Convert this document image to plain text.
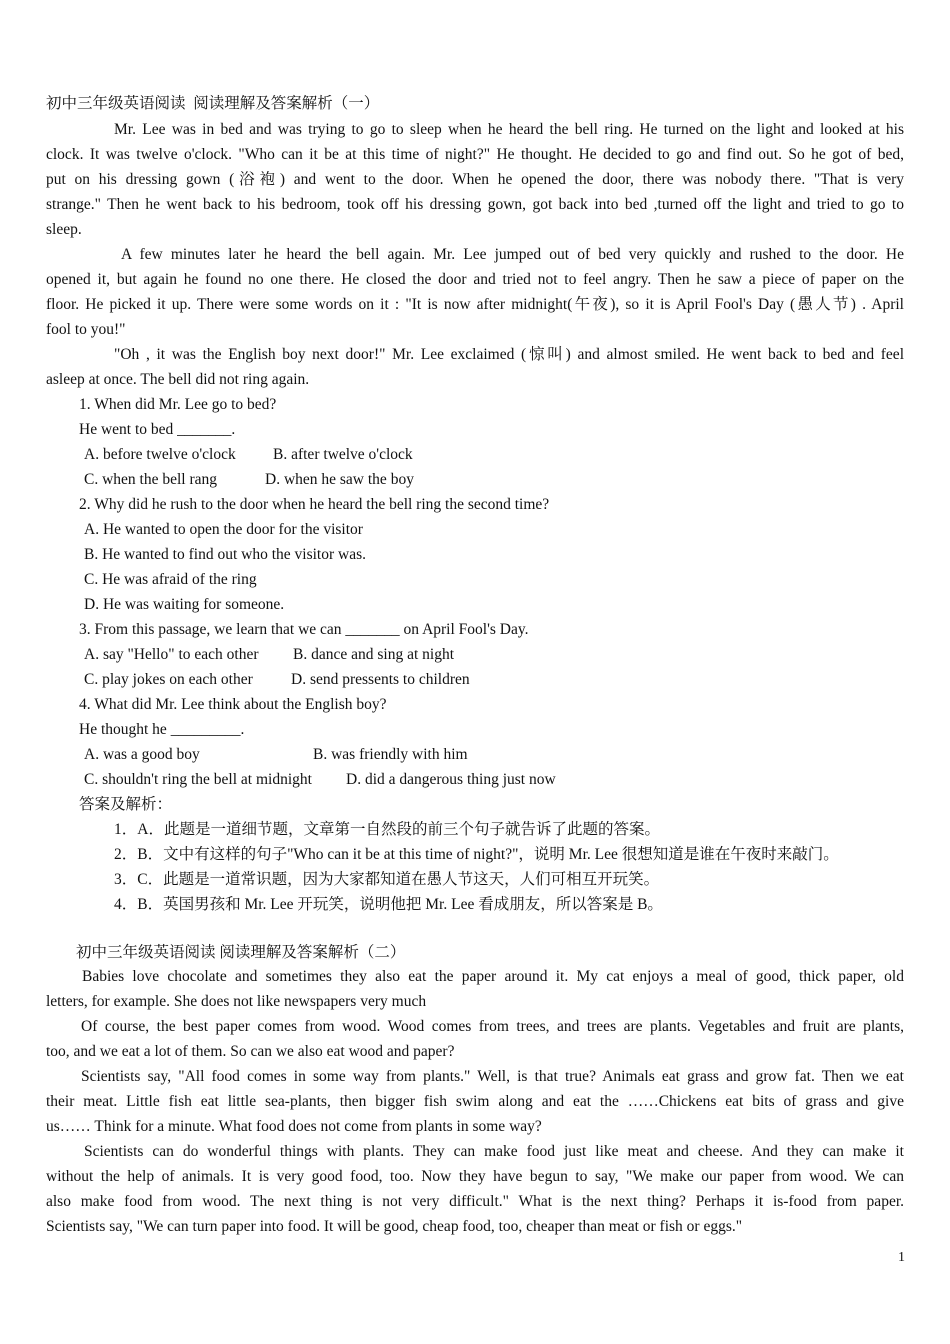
初中三年级英语阅读  阅读理解及答案解析（一）
Mr. Lee was in bed and was trying to go to sleep when he heard the bell ring. He turned on the light and looked at his
clock. It was twelve o'clock. "Who can it be at this time of night?" He thought. He decided to go and find out. So he got of bed,
put on his dressing gown (浴袍) and went to the door. When he opened the door, there was nobody there. "That is very
strange." Then he went back to his bedroom, took off his dressing gown, got back into bed ,turned off the light and tried to go to
sleep.
A few minutes later he heard the bell again. Mr. Lee jumped out of bed very quickly and rushed to the door. He
opened it, but again he found no one there. He closed the door and tried not to feel angry. Then he saw a piece of paper on the
floor. He picked it up. There were some words on it : "It is now after midnight(午夜), so it is April Fool's Day (愚人节) . April
fool to you!"
"Oh , it was the English boy next door!" Mr. Lee exclaimed (惊叫) and almost smiled. He went back to bed and feel
asleep at once. The bell did not ring again.
1. When did Mr. Lee go to bed?
He went to bed _______.
A. before twelve o'clock B. after twelve o'clock
C. when the bell rang	D. when he saw the boy
2. Why did he rush to the door when he heard the bell ring the second time?
A. He wanted to open the door for the visitor
B. He wanted to find out who the visitor was.
C. He was afraid of the ring
D. He was waiting for someone.
3. From this passage, we learn that we can _______ on April Fool's Day.
A. say "Hello" to each other B. dance and sing at night
C. play jokes on each other D. send pressents to children
4. What did Mr. Lee think about the English boy?
He thought he _________.
A. was a good boy	B. was friendly with him
C. shouldn't ring the bell at midnight D. did a dangerous thing just now
答案及解析：
1．A．此题是一道细节题，文章第一自然段的前三个句子就告诉了此题的答案。
2．B．文中有这样的句子"Who can it be at this time of night?"，说明 Mr. Lee 很想知道是谁在午夜时来敲门。
3．C．此题是一道常识题，因为大家都知道在愚人节这天，人们可相互开玩笑。
4．B．英国男孩和 Mr. Lee 开玩笑，说明他把 Mr. Lee 看成朋友，所以答案是 B。
初中三年级英语阅读 阅读理解及答案解析（二）
Babies love chocolate and sometimes they also eat the paper around it. My cat enjoys a meal of good, thick paper, old
letters, for example. She does not like newspapers very much
Of course, the best paper comes from wood. Wood comes from trees, and trees are plants. Vegetables and fruit are plants,
too, and we eat a lot of them. So can we also eat wood and paper?
Scientists say, "All food comes in some way from plants." Well, is that true? Animals eat grass and grow fat. Then we eat
their meat. Little fish eat little sea-plants, then bigger fish swim along and eat the ……Chickens eat bits of grass and give
us…… Think for a minute. What food does not come from plants in some way?
Scientists can do wonderful things with plants. They can make food just like meat and cheese. And they can make it
without the help of animals. It is very good food, too. Now they have begun to say, "We make our paper from wood. We can
also make food from wood. The next thing is not very difficult." What is the next thing? Perhaps it is-food from paper.
Scientists say, "We can turn paper into food. It will be good, cheap food, too, cheaper than meat or fish or eggs."
1
